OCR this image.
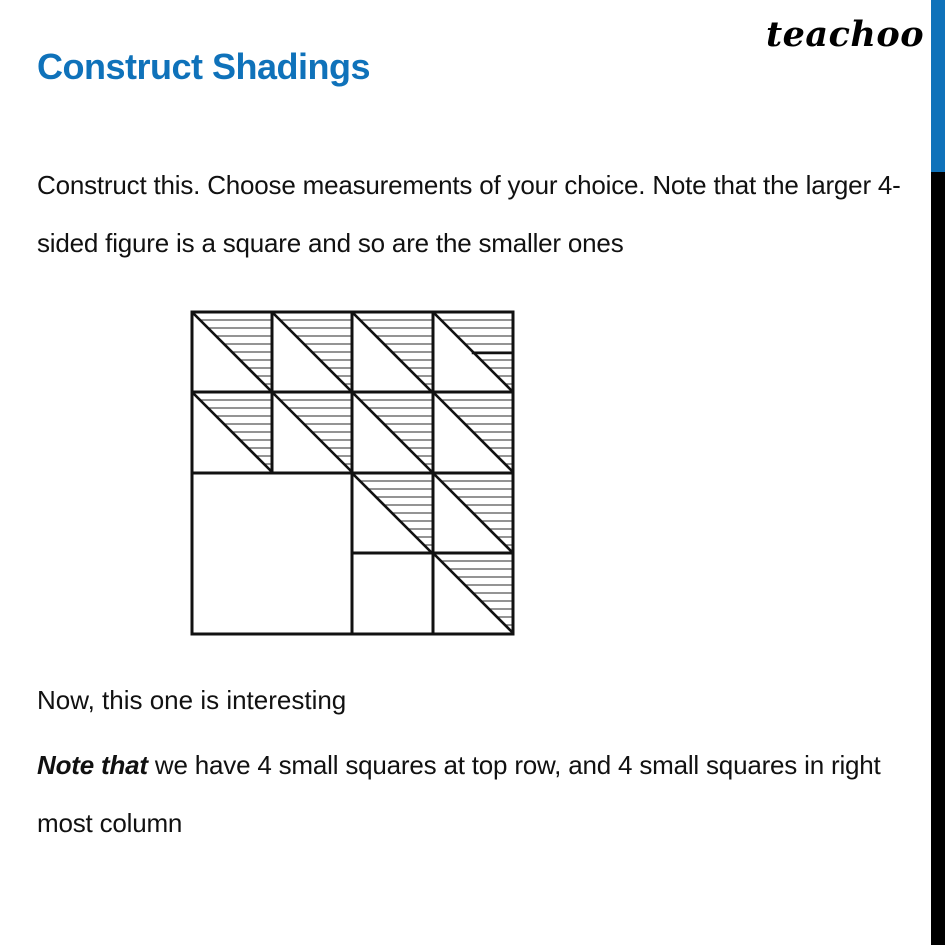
Construct Shadings
teachoo

Construct this. Choose measurements of your choice. Note that the larger 4-sided figure is a square and so are the smaller ones

Now, this one is interesting

Note that we have 4 small squares at top row, and 4 small squares in right most column
